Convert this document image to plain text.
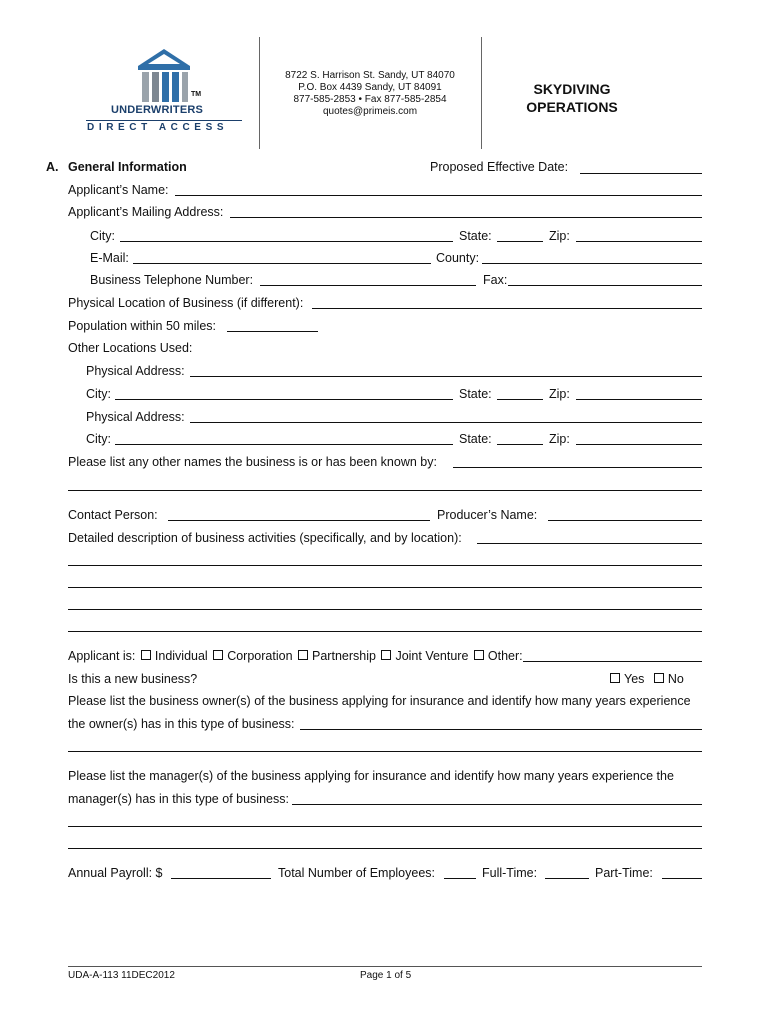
TM
UNDERWRITERS
DIRECT ACCESS
8722 S. Harrison St. Sandy, UT 84070
P.O. Box 4439 Sandy, UT 84091
877-585-2853 • Fax 877-585-2854
quotes@primeis.com
SKYDIVING
OPERATIONS
A. General Information	Proposed Effective Date:
Applicant’s Name:
Applicant’s Mailing Address:
City:	State:	Zip:
E-Mail:	County:
Business Telephone Number:	Fax:
Physical Location of Business (if different):
Population within 50 miles:
Other Locations Used:
Physical Address:
City:	State:	Zip:
Physical Address:
City:	State:	Zip:
Please list any other names the business is or has been known by:
Contact Person:	Producer’s Name:
Detailed description of business activities (specifically, and by location):
Applicant is: Individual Corporation Partnership Joint Venture Other:
Is this a new business?	Yes No
Please list the business owner(s) of the business applying for insurance and identify how many years experience
the owner(s) has in this type of business:
Please list the manager(s) of the business applying for insurance and identify how many years experience the
manager(s) has in this type of business:
Annual Payroll: $	Total Number of Employees:	Full-Time:	Part-Time:
UDA-A-113 11DEC2012	Page 1 of 5
